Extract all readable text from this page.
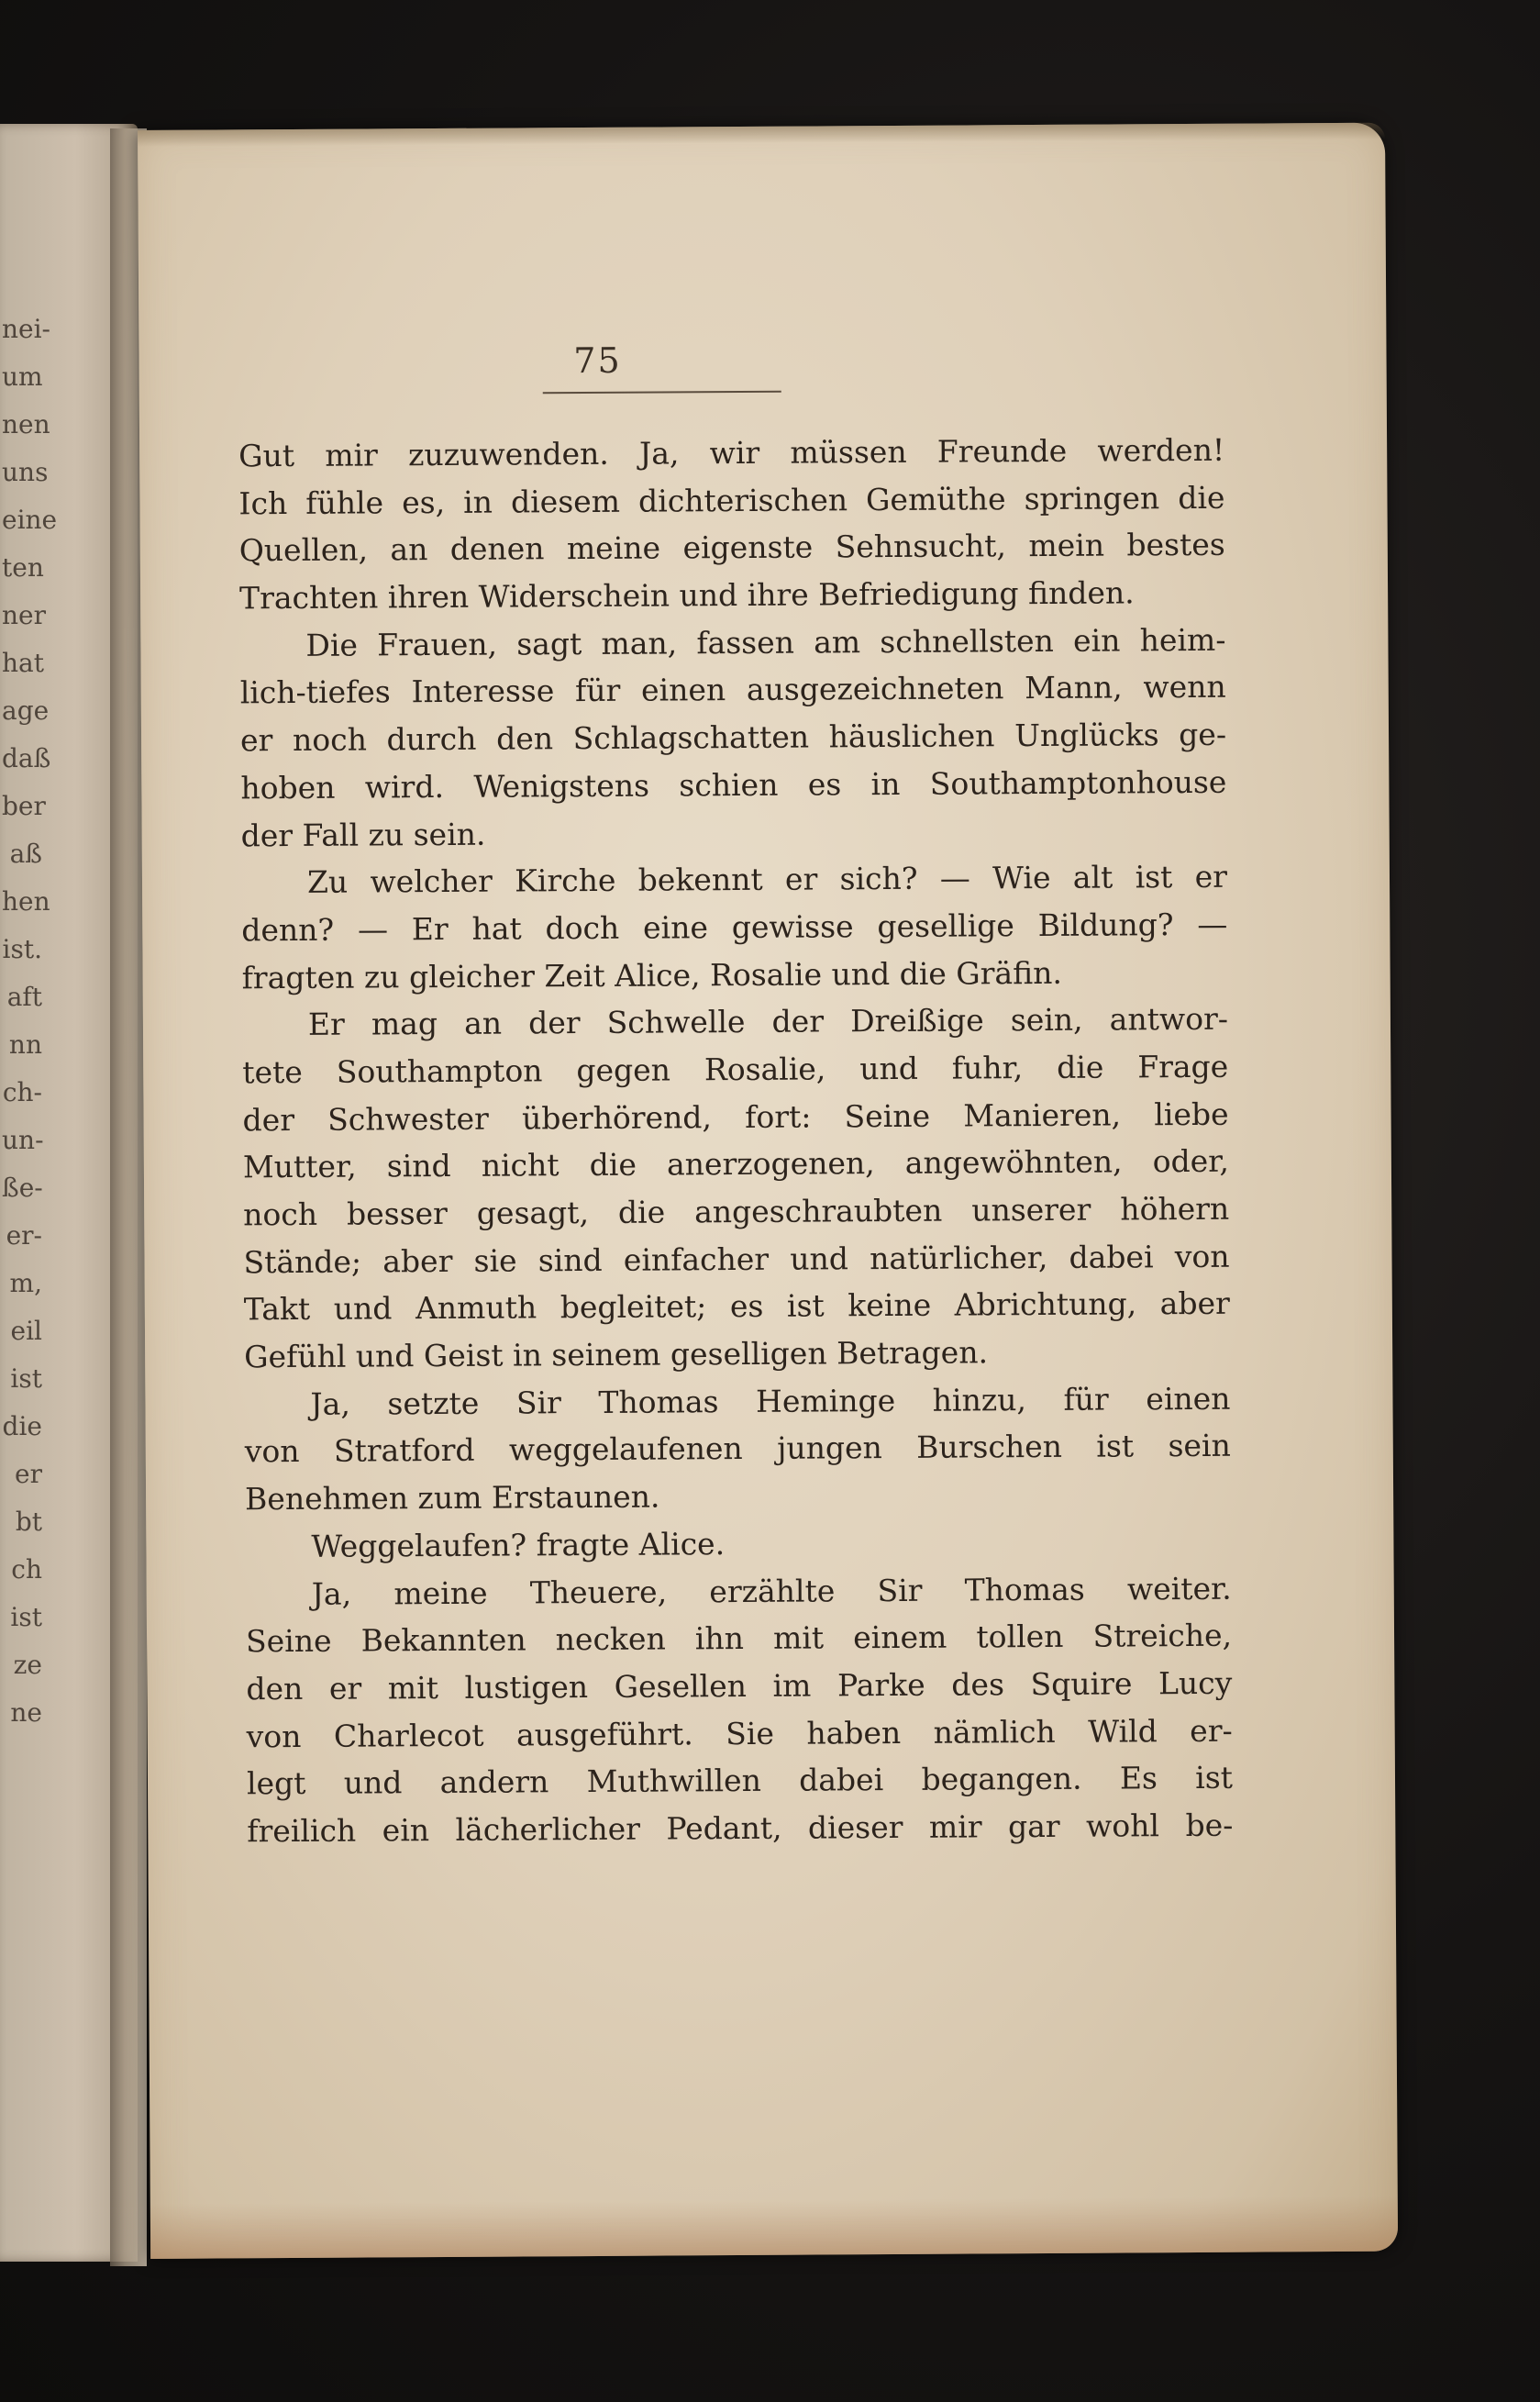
nei-
um
nen
uns
eine
ten
ner
hat
age
daß
ber
aß
hen
ist.
aft
nn
ch-
un-
ße-
er-
m,
eil
ist
die
er
bt
ch
ist
ze
ne
75
Gut mir zuzuwenden. Ja, wir müssen Freunde werden!
Ich fühle es, in diesem dichterischen Gemüthe springen die
Quellen, an denen meine eigenste Sehnsucht, mein bestes
Trachten ihren Widerschein und ihre Befriedigung finden.
Die Frauen, sagt man, fassen am schnellsten ein heim-
lich-tiefes Interesse für einen ausgezeichneten Mann, wenn
er noch durch den Schlagschatten häuslichen Unglücks ge-
hoben wird. Wenigstens schien es in Southamptonhouse
der Fall zu sein.
Zu welcher Kirche bekennt er sich? — Wie alt ist er
denn? — Er hat doch eine gewisse gesellige Bildung? —
fragten zu gleicher Zeit Alice, Rosalie und die Gräfin.
Er mag an der Schwelle der Dreißige sein, antwor-
tete Southampton gegen Rosalie, und fuhr, die Frage
der Schwester überhörend, fort: Seine Manieren, liebe
Mutter, sind nicht die anerzogenen, angewöhnten, oder,
noch besser gesagt, die angeschraubten unserer höhern
Stände; aber sie sind einfacher und natürlicher, dabei von
Takt und Anmuth begleitet; es ist keine Abrichtung, aber
Gefühl und Geist in seinem geselligen Betragen.
Ja, setzte Sir Thomas Heminge hinzu, für einen
von Stratford weggelaufenen jungen Burschen ist sein
Benehmen zum Erstaunen.
Weggelaufen? fragte Alice.
Ja, meine Theuere, erzählte Sir Thomas weiter.
Seine Bekannten necken ihn mit einem tollen Streiche,
den er mit lustigen Gesellen im Parke des Squire Lucy
von Charlecot ausgeführt. Sie haben nämlich Wild er-
legt und andern Muthwillen dabei begangen. Es ist
freilich ein lächerlicher Pedant, dieser mir gar wohl be-
